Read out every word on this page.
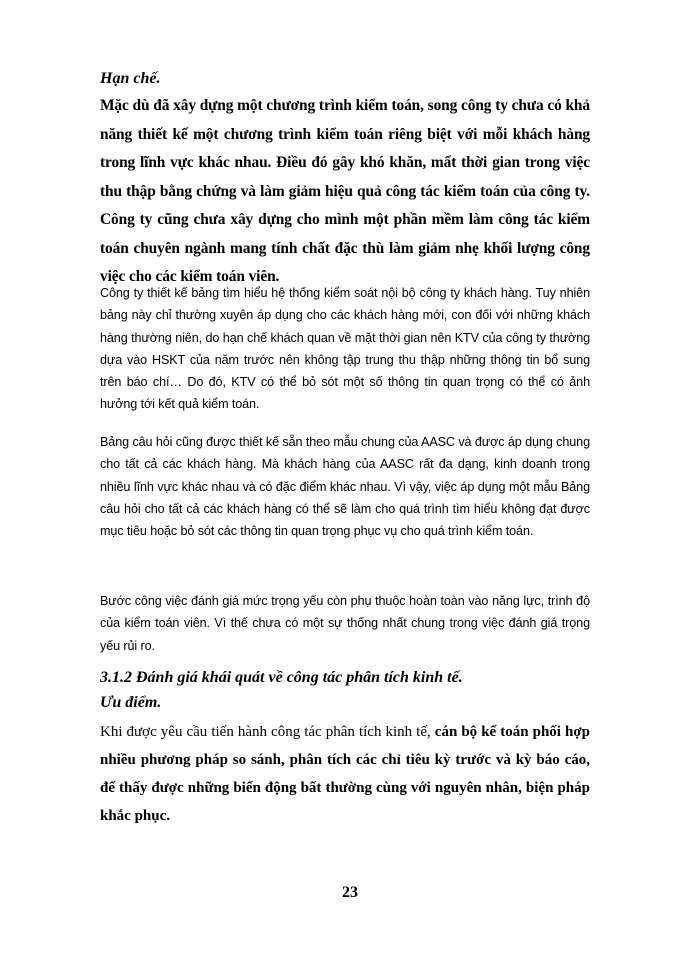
Hạn chế.

Mặc dù đã xây dựng một chương trình kiểm toán, song công ty chưa có khả năng thiết kế một chương trình kiểm toán riêng biệt với mỗi khách hàng trong lĩnh vực khác nhau. Điều đó gây khó khăn, mất thời gian trong việc thu thập bằng chứng và làm giảm hiệu quả công tác kiểm toán của công ty. Công ty cũng chưa xây dựng cho mình một phần mềm làm công tác kiểm toán chuyên ngành mang tính chất đặc thù làm giảm nhẹ khối lượng công việc cho các kiểm toán viên.

Công ty thiết kế bảng tìm hiểu hệ thống kiểm soát nội bộ công ty khách hàng. Tuy nhiên bảng này chỉ thường xuyên áp dụng cho các khách hàng mới, con đối với những khách hàng thường niên, do hạn chế khách quan về mặt thời gian nên KTV của công ty thường dựa vào HSKT của năm trước nên không tập trung thu thập những thông tin bổ sung trên báo chí… Do đó, KTV có thể bỏ sót một số thông tin quan trọng có thể có ảnh hưởng tới kết quả kiểm toán.

Bảng câu hỏi cũng được thiết kế sẵn theo mẫu chung của AASC và được áp dụng chung cho tất cả các khách hàng. Mà khách hàng của AASC rất đa dạng, kinh doanh trong nhiều lĩnh vực khác nhau và có đặc điểm khác nhau. Vì vậy, việc áp dụng một mẫu Bảng câu hỏi cho tất cả các khách hàng có thể sẽ làm cho quá trình tìm hiểu không đạt được mục tiêu hoặc bỏ sót các thông tin quan trọng phục vụ cho quá trình kiểm toán.

Bước công việc đánh giá mức trọng yếu còn phụ thuộc hoàn toàn vào năng lực, trình độ của kiểm toán viên. Vì thế chưa có một sự thống nhất chung trong việc đánh giá trọng yếu rủi ro.

3.1.2 Đánh giá khái quát về công tác phân tích kinh tế.

Ưu điểm.

Khi được yêu cầu tiến hành công tác phân tích kinh tế, cán bộ kế toán phối hợp nhiều phương pháp so sánh, phân tích các chỉ tiêu kỳ trước và kỳ báo cáo, để thấy được những biến động bất thường cùng với nguyên nhân, biện pháp khắc phục.

23
